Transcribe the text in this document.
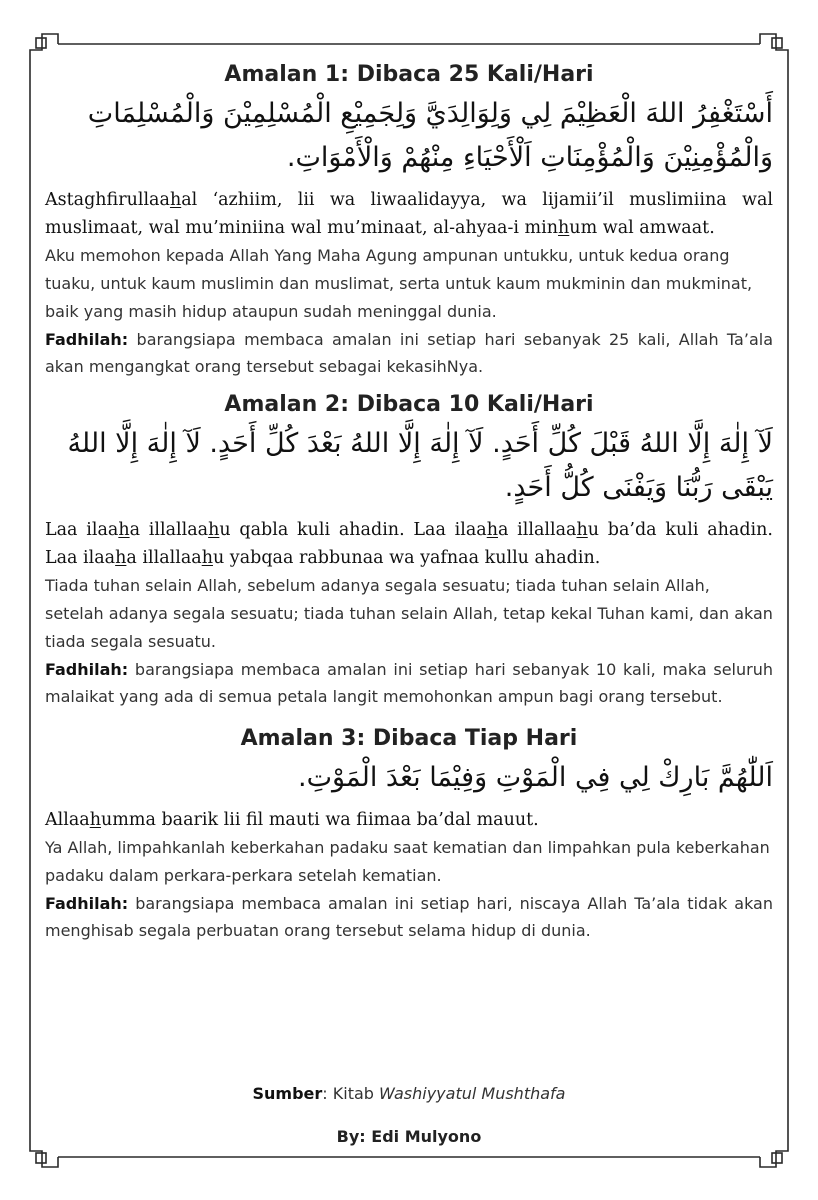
Amalan 1: Dibaca 25 Kali/Hari

أَسْتَغْفِرُ اللهَ الْعَظِيْمَ لِي وَلِوَالِدَيَّ وَلِجَمِيْعِ الْمُسْلِمِيْنَ وَالْمُسْلِمَاتِ وَالْمُؤْمِنِيْنَ وَالْمُؤْمِنَاتِ اَلْأَحْيَاءِ مِنْهُمْ وَالْأَمْوَاتِ.

Astaghfirullaahal ‘azhiim, lii wa liwaalidayya, wa lijamii’il muslimiina wal muslimaat, wal mu’miniina wal mu’minaat, al-ahyaa-i minhum wal amwaat.

Aku memohon kepada Allah Yang Maha Agung ampunan untukku, untuk kedua orang tuaku, untuk kaum muslimin dan muslimat, serta untuk kaum mukminin dan mukminat, baik yang masih hidup ataupun sudah meninggal dunia.

Fadhilah: barangsiapa membaca amalan ini setiap hari sebanyak 25 kali, Allah Ta’ala akan mengangkat orang tersebut sebagai kekasihNya.

Amalan 2: Dibaca 10 Kali/Hari

لَآ إِلٰهَ إِلَّا اللهُ قَبْلَ كُلِّ أَحَدٍ. لَآ إِلٰهَ إِلَّا اللهُ بَعْدَ كُلِّ أَحَدٍ. لَآ إِلٰهَ إِلَّا اللهُ يَبْقَى رَبُّنَا وَيَفْنَى كُلُّ أَحَدٍ.

Laa ilaaha illallaahu qabla kuli ahadin. Laa ilaaha illallaahu ba’da kuli ahadin. Laa ilaaha illallaahu yabqaa rabbunaa wa yafnaa kullu ahadin.

Tiada tuhan selain Allah, sebelum adanya segala sesuatu; tiada tuhan selain Allah, setelah adanya segala sesuatu; tiada tuhan selain Allah, tetap kekal Tuhan kami, dan akan tiada segala sesuatu.

Fadhilah: barangsiapa membaca amalan ini setiap hari sebanyak 10 kali, maka seluruh malaikat yang ada di semua petala langit memohonkan ampun bagi orang tersebut.

Amalan 3: Dibaca Tiap Hari

اَللّٰهُمَّ بَارِكْ لِي فِي الْمَوْتِ وَفِيْمَا بَعْدَ الْمَوْتِ.

Allaahumma baarik lii fil mauti wa fiimaa ba’dal mauut.

Ya Allah, limpahkanlah keberkahan padaku saat kematian dan limpahkan pula keberkahan padaku dalam perkara-perkara setelah kematian.

Fadhilah: barangsiapa membaca amalan ini setiap hari, niscaya Allah Ta’ala tidak akan menghisab segala perbuatan orang tersebut selama hidup di dunia.

Sumber: Kitab Washiyyatul Mushthafa
By: Edi Mulyono
